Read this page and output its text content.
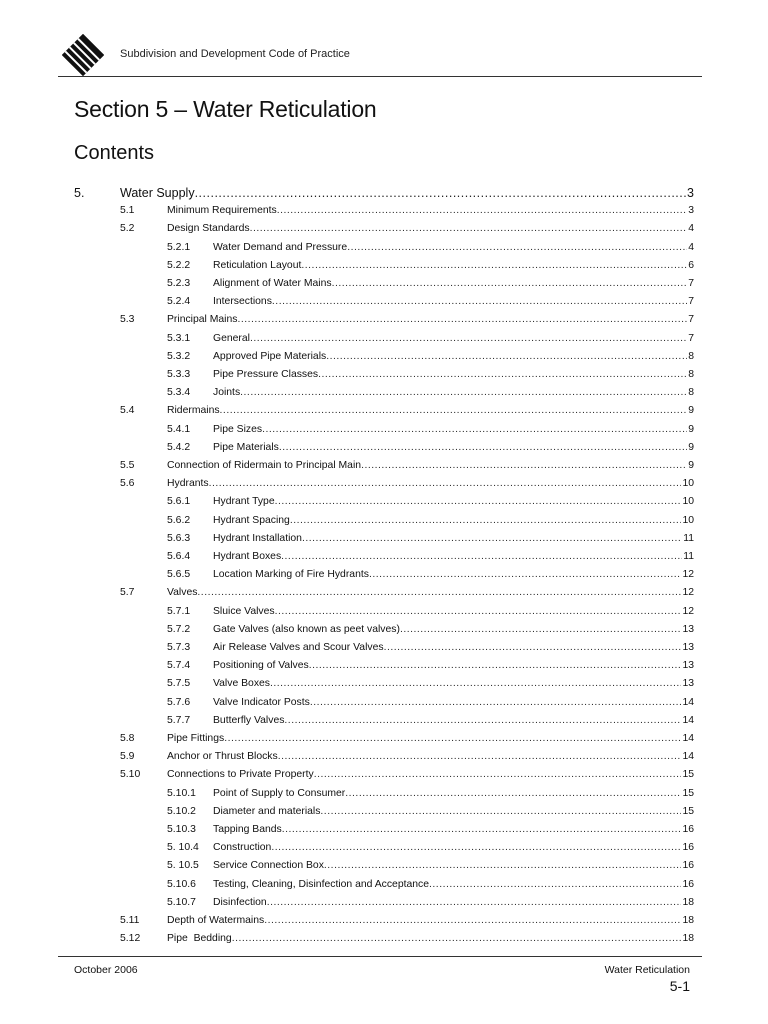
Subdivision and Development Code of Practice
Section 5 – Water Reticulation
Contents
5.	Water Supply .....	3
5.1	Minimum Requirements .....	3
5.2	Design Standards .....	4
5.2.1 Water Demand and Pressure .....	4
5.2.2 Reticulation Layout .....	6
5.2.3 Alignment of Water Mains .....	7
5.2.4 Intersections .....	7
5.3	Principal Mains .....	7
5.3.1 General .....	7
5.3.2 Approved Pipe Materials .....	8
5.3.3 Pipe Pressure Classes .....	8
5.3.4 Joints .....	8
5.4	Ridermains .....	9
5.4.1 Pipe Sizes .....	9
5.4.2 Pipe Materials .....	9
5.5	Connection of Ridermain to Principal Main .....	9
5.6	Hydrants .....	10
5.6.1 Hydrant Type .....	10
5.6.2 Hydrant Spacing .....	10
5.6.3 Hydrant Installation .....	11
5.6.4 Hydrant Boxes .....	11
5.6.5 Location Marking of Fire Hydrants .....	12
5.7	Valves .....	12
5.7.1 Sluice Valves .....	12
5.7.2 Gate Valves (also known as peet valves) .....	13
5.7.3 Air Release Valves and Scour Valves .....	13
5.7.4 Positioning of Valves .....	13
5.7.5 Valve Boxes .....	13
5.7.6 Valve Indicator Posts .....	14
5.7.7 Butterfly Valves .....	14
5.8	Pipe Fittings .....	14
5.9	Anchor or Thrust Blocks .....	14
5.10	Connections to Private Property .....	15
5.10.1 Point of Supply to Consumer .....	15
5.10.2 Diameter and materials .....	15
5.10.3 Tapping Bands .....	16
5. 10.4 Construction .....	16
5. 10.5 Service Connection Box .....	16
5.10.6 Testing, Cleaning, Disinfection and Acceptance .....	16
5.10.7 Disinfection .....	18
5.11	Depth of Watermains .....	18
5.12	Pipe  Bedding .....	18
October 2006	Water Reticulation
5-1
